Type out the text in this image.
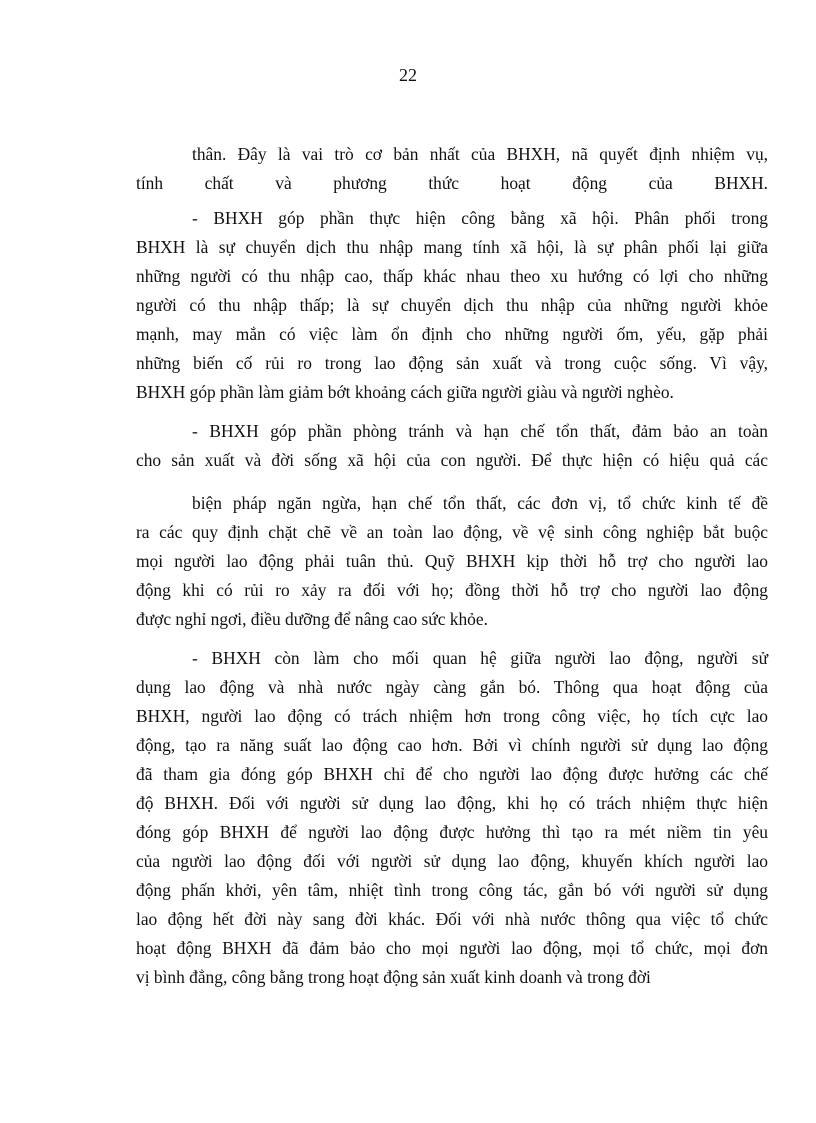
22

thân. Đây là vai trò cơ bản nhất của BHXH, nã quyết định nhiệm vụ,
tính chất và phương thức hoạt động của BHXH.

- BHXH góp phần thực hiện công bằng xã hội. Phân phối trong
BHXH là sự chuyển dịch thu nhập mang tính xã hội, là sự phân phối lại giữa
những người có thu nhập cao, thấp khác nhau theo xu hướng có lợi cho những
người có thu nhập thấp; là sự chuyển dịch thu nhập của những người khỏe
mạnh, may mắn có việc làm ổn định cho những người ốm, yếu, gặp phải
những biến cố rủi ro trong lao động sản xuất và trong cuộc sống. Vì vậy,
BHXH góp phần làm giảm bớt khoảng cách giữa người giàu và người nghèo.

- BHXH góp phần phòng tránh và hạn chế tổn thất, đảm bảo an toàn
cho sản xuất và đời sống xã hội của con người. Để thực hiện có hiệu quả các

biện pháp ngăn ngừa, hạn chế tổn thất, các đơn vị, tổ chức kinh tế đề
ra các quy định chặt chẽ về an toàn lao động, về vệ sinh công nghiệp bắt buộc
mọi người lao động phải tuân thủ. Quỹ BHXH kịp thời hỗ trợ cho người lao
động khi có rủi ro xảy ra đối với họ; đồng thời hỗ trợ cho người lao động
được nghỉ ngơi, điều dưỡng để nâng cao sức khỏe.

- BHXH còn làm cho mối quan hệ giữa người lao động, người sử
dụng lao động và nhà nước ngày càng gắn bó. Thông qua hoạt động của
BHXH, người lao động có trách nhiệm hơn trong công việc, họ tích cực lao
động, tạo ra năng suất lao động cao hơn. Bởi vì chính người sử dụng lao động
đã tham gia đóng góp BHXH chỉ để cho người lao động được hưởng các chế
độ BHXH. Đối với người sử dụng lao động, khi họ có trách nhiệm thực hiện
đóng góp BHXH để người lao động được hưởng thì tạo ra mét niềm tin yêu
của người lao động đối với người sử dụng lao động, khuyến khích người lao
động phấn khởi, yên tâm, nhiệt tình trong công tác, gắn bó với người sử dụng
lao động hết đời này sang đời khác. Đối với nhà nước thông qua việc tổ chức
hoạt động BHXH đã đảm bảo cho mọi người lao động, mọi tổ chức, mọi đơn
vị bình đẳng, công bằng trong hoạt động sản xuất kinh doanh và trong đời
